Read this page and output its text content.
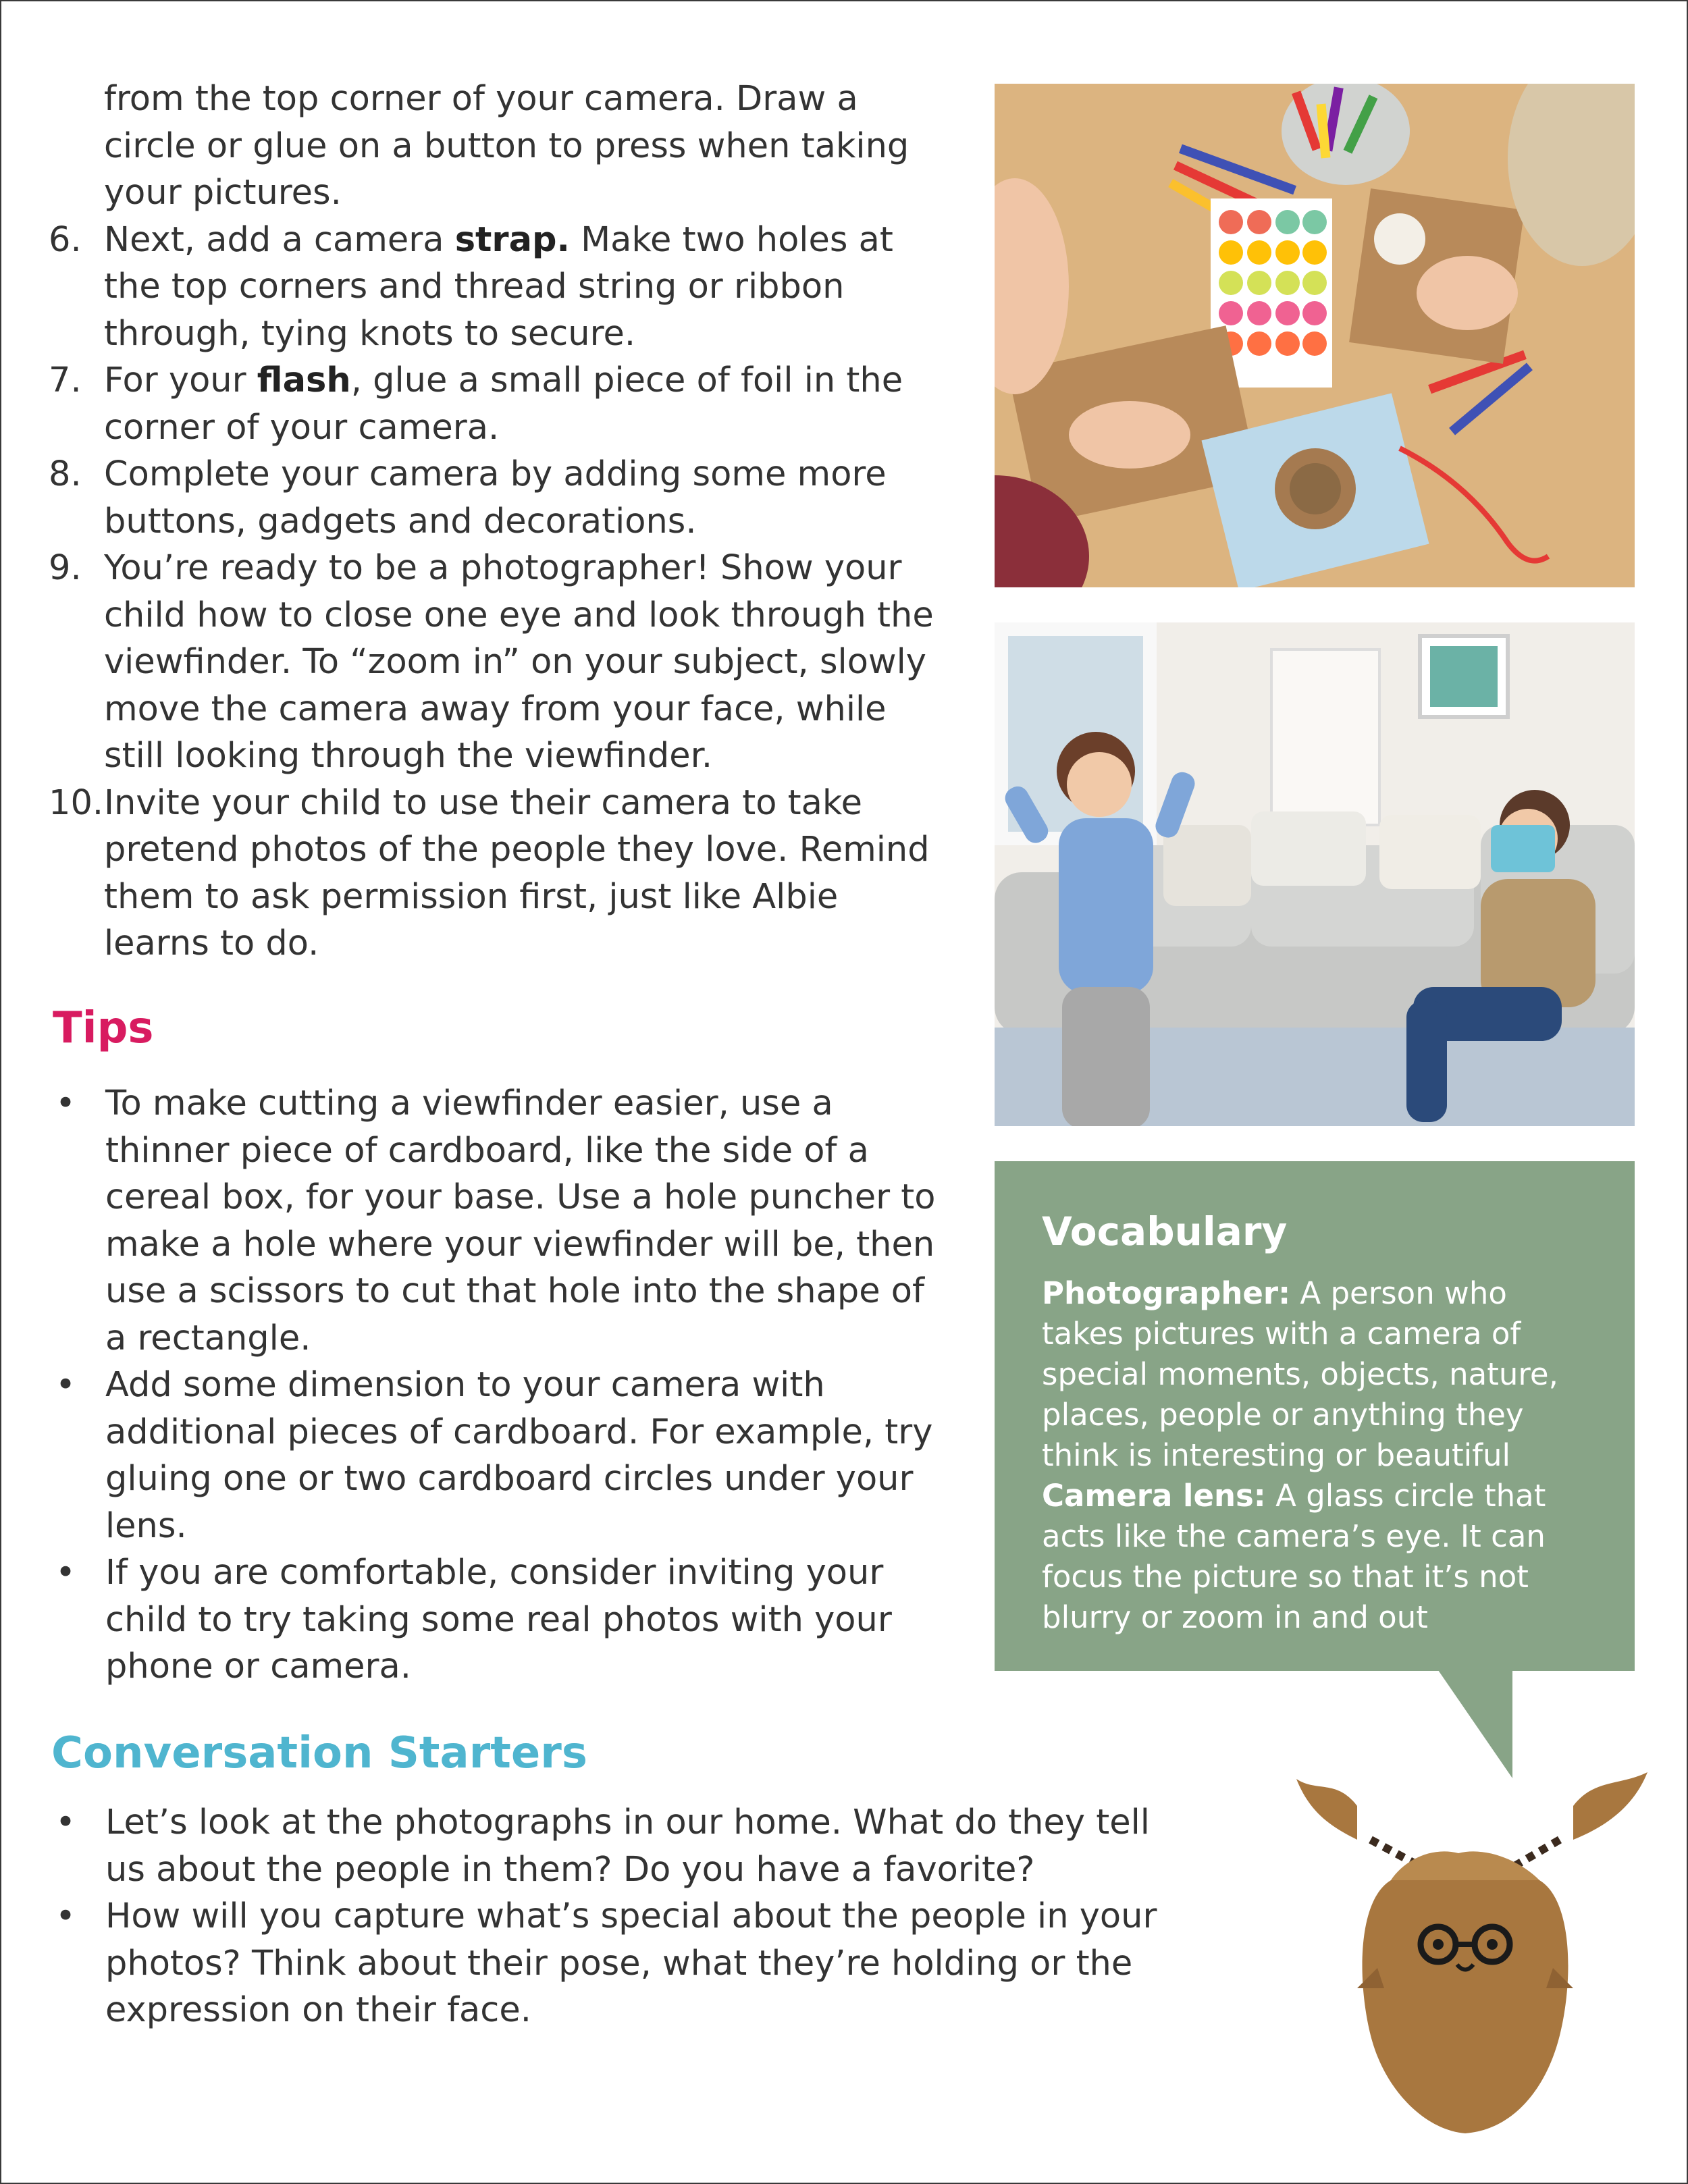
from the top corner of your camera. Draw a circle or glue on a button to press when taking your pictures.
6. Next, add a camera strap. Make two holes at the top corners and thread string or ribbon through, tying knots to secure.
7. For your flash, glue a small piece of foil in the corner of your camera.
8. Complete your camera by adding some more buttons, gadgets and decorations.
9. You’re ready to be a photographer! Show your child how to close one eye and look through the viewfinder. To “zoom in” on your subject, slowly move the camera away from your face, while still looking through the viewfinder.
10. Invite your child to use their camera to take pretend photos of the people they love. Remind them to ask permission first, just like Albie learns to do.
Tips
• To make cutting a viewfinder easier, use a thinner piece of cardboard, like the side of a cereal box, for your base. Use a hole puncher to make a hole where your viewfinder will be, then use a scissors to cut that hole into the shape of a rectangle.
• Add some dimension to your camera with additional pieces of cardboard. For example, try gluing one or two cardboard circles under your lens.
• If you are comfortable, consider inviting your child to try taking some real photos with your phone or camera.
Conversation Starters
• Let’s look at the photographs in our home. What do they tell us about the people in them? Do you have a favorite?
• How will you capture what’s special about the people in your photos? Think about their pose, what they’re holding or the expression on their face.
Vocabulary
Photographer: A person who takes pictures with a camera of special moments, objects, nature, places, people or anything they think is interesting or beautiful
Camera lens: A glass circle that acts like the camera’s eye. It can focus the picture so that it’s not blurry or zoom in and out
